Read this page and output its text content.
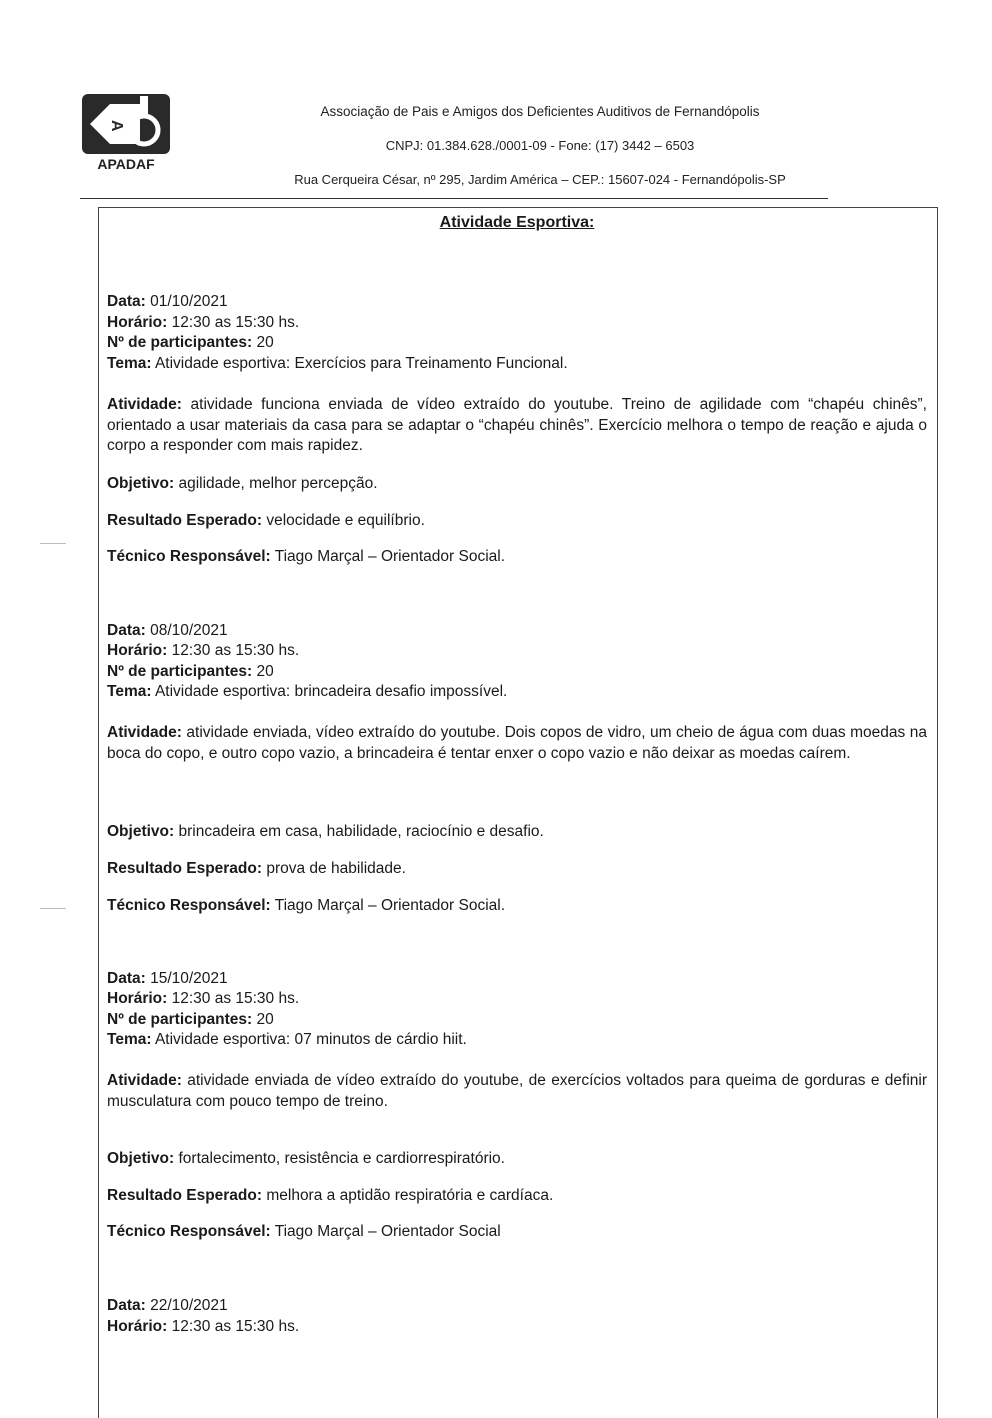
A
APADAF
Associação de Pais e Amigos dos Deficientes Auditivos de Fernandópolis
CNPJ: 01.384.628./0001-09 - Fone: (17) 3442 – 6503
Rua Cerqueira César, nº 295, Jardim América – CEP.: 15607-024 - Fernandópolis-SP
Atividade Esportiva:
Data: 01/10/2021
Horário: 12:30 as 15:30 hs.
Nº de participantes: 20
Tema: Atividade esportiva: Exercícios para Treinamento Funcional.
Atividade: atividade funciona enviada de vídeo extraído do youtube. Treino de agilidade com “chapéu chinês”, orientado a usar materiais da casa para se adaptar o “chapéu chinês”. Exercício melhora o tempo de reação e ajuda o corpo a responder com mais rapidez.
Objetivo: agilidade, melhor percepção.
Resultado Esperado: velocidade e equilíbrio.
Técnico Responsável: Tiago Marçal – Orientador Social.
Data: 08/10/2021
Horário: 12:30 as 15:30 hs.
Nº de participantes: 20
Tema: Atividade esportiva: brincadeira desafio impossível.
Atividade: atividade enviada, vídeo extraído do youtube. Dois copos de vidro, um cheio de água com duas moedas na boca do copo, e outro copo vazio, a brincadeira é tentar enxer o copo vazio e não deixar as moedas caírem.
Objetivo: brincadeira em casa, habilidade, raciocínio e desafio.
Resultado Esperado: prova de habilidade.
Técnico Responsável: Tiago Marçal – Orientador Social.
Data: 15/10/2021
Horário: 12:30 as 15:30 hs.
Nº de participantes: 20
Tema: Atividade esportiva: 07 minutos de cárdio hiit.
Atividade: atividade enviada de vídeo extraído do youtube, de exercícios voltados para queima de gorduras e definir musculatura com pouco tempo de treino.
Objetivo: fortalecimento, resistência e cardiorrespiratório.
Resultado Esperado: melhora a aptidão respiratória e cardíaca.
Técnico Responsável: Tiago Marçal – Orientador Social
Data: 22/10/2021
Horário: 12:30 as 15:30 hs.
